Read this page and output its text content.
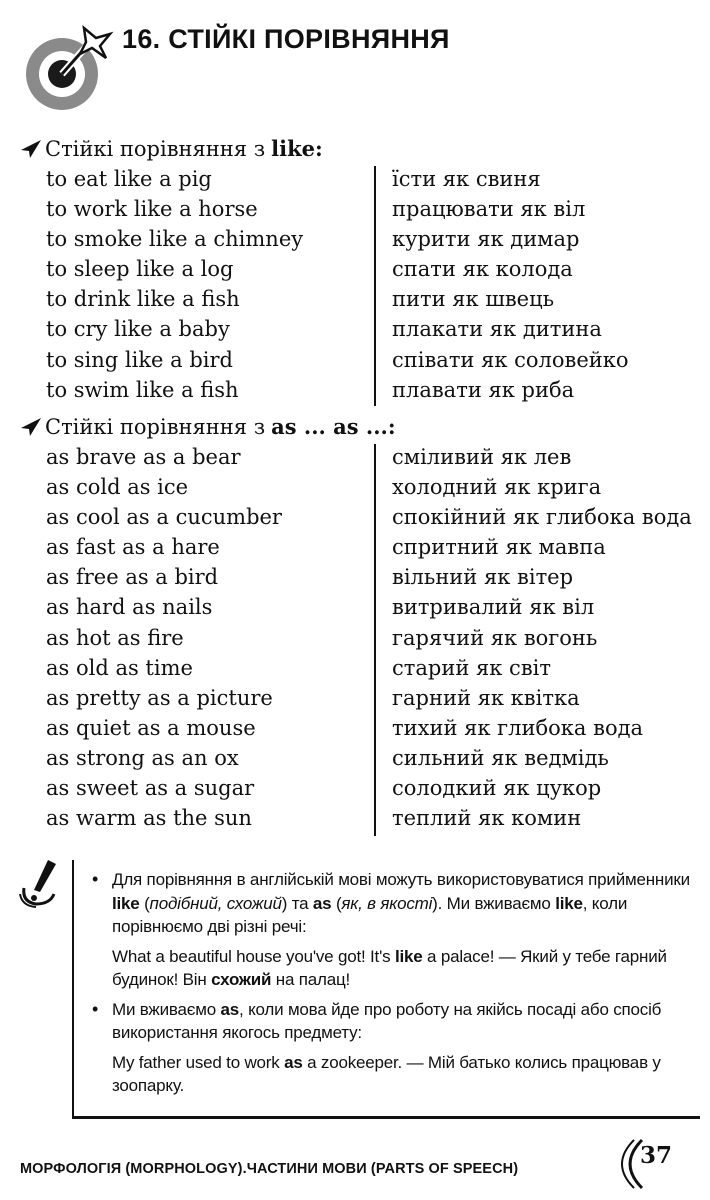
16. СТІЙКІ ПОРІВНЯННЯ
Стійкі порівняння з like:
to eat like a pig	їсти як свиня
to work like a horse	працювати як віл
to smoke like a chimney	курити як димар
to sleep like a log	спати як колода
to drink like a fish	пити як швець
to cry like a baby	плакати як дитина
to sing like a bird	співати як соловейко
to swim like a fish	плавати як риба
Стійкі порівняння з as ... as ...:
as brave as a bear	сміливий як лев
as cold as ice	холодний як крига
as cool as a cucumber	спокійний як глибока вода
as fast as a hare	спритний як мавпа
as free as a bird	вільний як вітер
as hard as nails	витривалий як віл
as hot as fire	гарячий як вогонь
as old as time	старий як світ
as pretty as a picture	гарний як квітка
as quiet as a mouse	тихий як глибока вода
as strong as an ox	сильний як ведмідь
as sweet as a sugar	солодкий як цукор
as warm as the sun	теплий як комин

• Для порівняння в англійській мові можуть використовуватися прийменники like (подібний, схожий) та as (як, в якості). Ми вживаємо like, коли порівнюємо дві різні речі:

What a beautiful house you've got! It's like a palace! — Який у тебе гарний будинок! Він схожий на палац!

• Ми вживаємо as, коли мова йде про роботу на якійсь посаді або спосіб використання якогось предмету:

My father used to work as a zookeeper. — Мій батько колись працював у зоопарку.

МОРФОЛОГІЯ (MORPHOLOGY).ЧАСТИНИ МОВИ (PARTS OF SPEECH)	37
